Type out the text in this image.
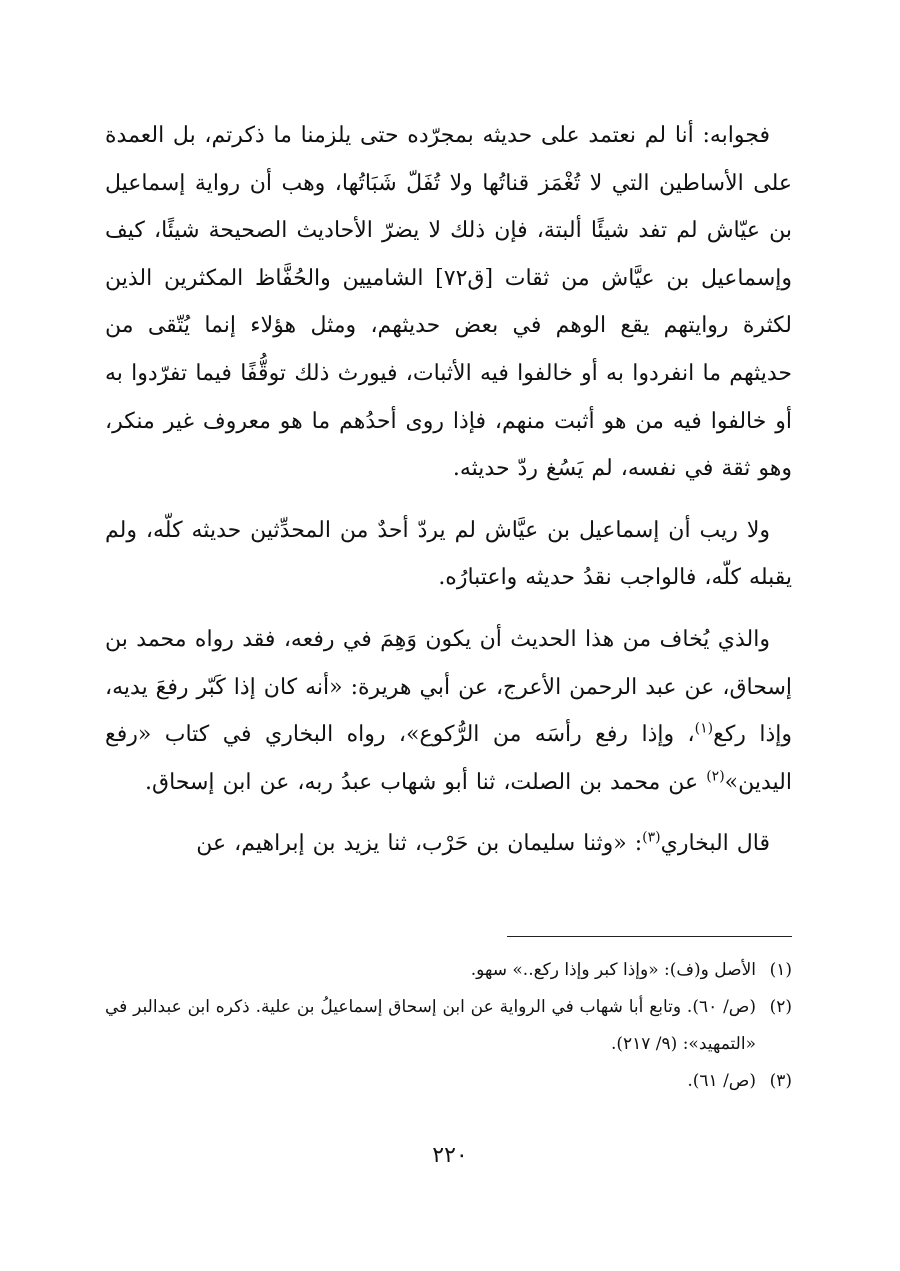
فجوابه: أنا لم نعتمد على حديثه بمجرّده حتى يلزمنا ما ذكرتم، بل العمدة على الأساطين التي لا تُغْمَز قناتُها ولا تُفَلّ شَبَاتُها، وهب أن رواية إسماعيل بن عيّاش لم تفد شيئًا ألبتة، فإن ذلك لا يضرّ الأحاديث الصحيحة شيئًا، كيف وإسماعيل بن عيَّاش من ثقات [ق٧٢] الشاميين والحُفَّاظ المكثرين الذين لكثرة روايتهم يقع الوهم في بعض حديثهم، ومثل هؤلاء إنما يُتّقى من حديثهم ما انفردوا به أو خالفوا فيه الأثبات، فيورث ذلك توقُّفًا فيما تفرّدوا به أو خالفوا فيه من هو أثبت منهم، فإذا روى أحدُهم ما هو معروف غير منكر، وهو ثقة في نفسه، لم يَسُغ ردّ حديثه.

ولا ريب أن إسماعيل بن عيَّاش لم يردّ أحدٌ من المحدِّثين حديثه كلّه، ولم يقبله كلّه، فالواجب نقدُ حديثه واعتبارُه.

والذي يُخاف من هذا الحديث أن يكون وَهِمَ في رفعه، فقد رواه محمد بن إسحاق، عن عبد الرحمن الأعرج، عن أبي هريرة: «أنه كان إذا كَبّر رفعَ يديه، وإذا ركع$^{(١)}$، وإذا رفع رأسَه من الرُّكوع»، رواه البخاري في كتاب «رفع اليدين»$^{(٢)}$ عن محمد بن الصلت، ثنا أبو شهاب عبدُ ربه، عن ابن إسحاق.

قال البخاري$^{(٣)}$: «وثنا سليمان بن حَرْب، ثنا يزيد بن إبراهيم، عن

(١)
الأصل و(ف): «وإذا كبر وإذا ركع..» سهو.
(٢)
(ص/ ٦٠). وتابع أبا شهاب في الرواية عن ابن إسحاق إسماعيلُ بن علية. ذكره ابن عبدالبر في «التمهيد»: (٩/ ٢١٧).
(٣)
(ص/ ٦١).
٢٢٠
